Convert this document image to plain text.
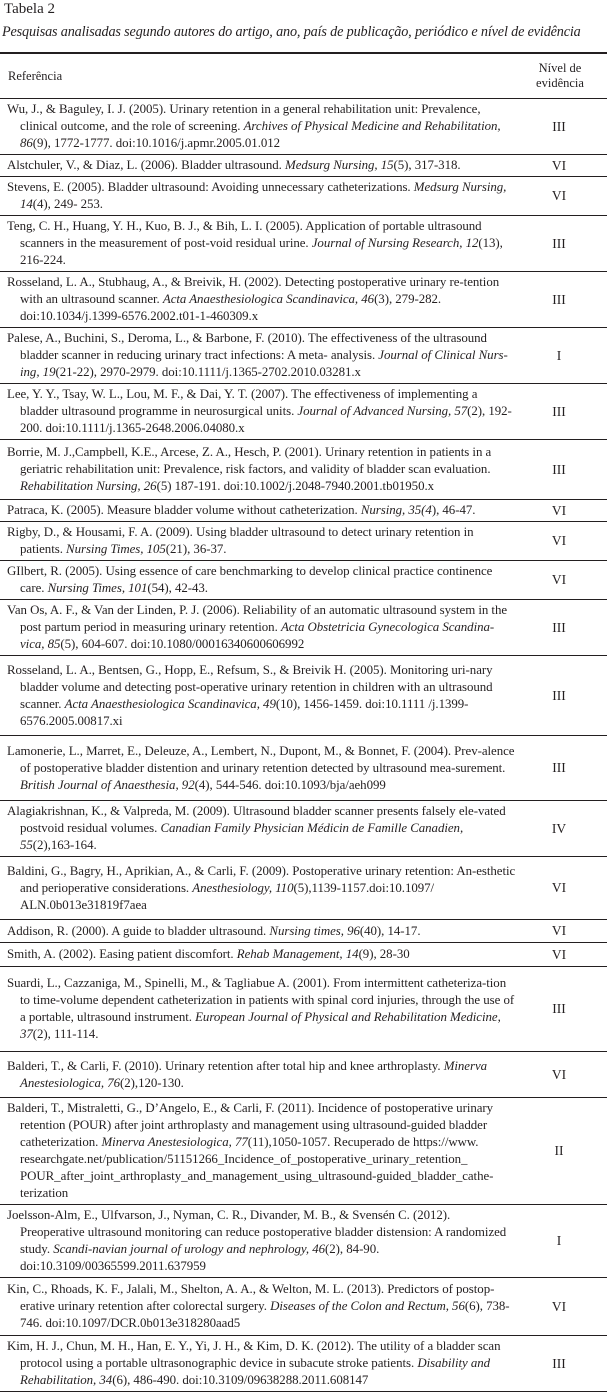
Tabela 2
Pesquisas analisadas segundo autores do artigo, ano, país de publicação, periódico e nível de evidência
Referência	Nível de
evidência
Wu, J., & Baguley, I. J. (2005). Urinary retention in a general rehabilitation unit: Prevalence, clinical outcome, and the role of screening. Archives of Physical Medicine and Rehabilitation, 86(9), 1772-1777. doi:10.1016/j.apmr.2005.01.012	III
Alstchuler, V., & Diaz, L. (2006). Bladder ultrasound. Medsurg Nursing, 15(5), 317-318.	VI
Stevens, E. (2005). Bladder ultrasound: Avoiding unnecessary catheterizations. Medsurg Nursing, 14(4), 249- 253.	VI
Teng, C. H., Huang, Y. H., Kuo, B. J., & Bih, L. I. (2005). Application of portable ultrasound scanners in the measurement of post-void residual urine. Journal of Nursing Research, 12(13), 216-224.	III
Rosseland, L. A., Stubhaug, A., & Breivik, H. (2002). Detecting postoperative urinary re-tention with an ultrasound scanner. Acta Anaesthesiologica Scandinavica, 46(3), 279-282. doi:10.1034/j.1399-6576.2002.t01-1-460309.x	III
Palese, A., Buchini, S., Deroma, L., & Barbone, F. (2010). The effectiveness of the ultrasound bladder scanner in reducing urinary tract infections: A meta- analysis. Journal of Clinical Nurs-ing, 19(21-22), 2970-2979. doi:10.1111/j.1365-2702.2010.03281.x	I
Lee, Y. Y., Tsay, W. L., Lou, M. F., & Dai, Y. T. (2007). The effectiveness of implementing a bladder ultrasound programme in neurosurgical units. Journal of Advanced Nursing, 57(2), 192-200. doi:10.1111/j.1365-2648.2006.04080.x	III
Borrie, M. J.,Campbell, K.E., Arcese, Z. A., Hesch, P. (2001). Urinary retention in patients in a geriatric rehabilitation unit: Prevalence, risk factors, and validity of bladder scan evaluation. Rehabilitation Nursing, 26(5) 187-191. doi:10.1002/j.2048-7940.2001.tb01950.x	III
Patraca, K. (2005). Measure bladder volume without catheterization. Nursing, 35(4), 46-47.	VI
Rigby, D., & Housami, F. A. (2009). Using bladder ultrasound to detect urinary retention in patients. Nursing Times, 105(21), 36-37.	VI
GIlbert, R. (2005). Using essence of care benchmarking to develop clinical practice continence care. Nursing Times, 101(54), 42-43.	VI
Van Os, A. F., & Van der Linden, P. J. (2006). Reliability of an automatic ultrasound system in the post partum period in measuring urinary retention. Acta Obstetricia Gynecologica Scandina-vica, 85(5), 604-607. doi:10.1080/00016340600606992	III
Rosseland, L. A., Bentsen, G., Hopp, E., Refsum, S., & Breivik H. (2005). Monitoring uri-nary bladder volume and detecting post-operative urinary retention in children with an ultrasound scanner. Acta Anaesthesiologica Scandinavica, 49(10), 1456-1459. doi:10.1111 /j.1399-6576.2005.00817.xi	III
Lamonerie, L., Marret, E., Deleuze, A., Lembert, N., Dupont, M., & Bonnet, F. (2004). Prev-alence of postoperative bladder distention and urinary retention detected by ultrasound mea-surement. British Journal of Anaesthesia, 92(4), 544-546. doi:10.1093/bja/aeh099	III
Alagiakrishnan, K., & Valpreda, M. (2009). Ultrasound bladder scanner presents falsely ele-vated postvoid residual volumes. Canadian Family Physician Médicin de Famille Canadien, 55(2),163-164.	IV
Baldini, G., Bagry, H., Aprikian, A., & Carli, F. (2009). Postoperative urinary retention: An-esthetic and perioperative considerations. Anesthesiology, 110(5),1139-1157.doi:10.1097/ ALN.0b013e31819f7aea	VI
Addison, R. (2000). A guide to bladder ultrasound. Nursing times, 96(40), 14-17.	VI
Smith, A. (2002). Easing patient discomfort. Rehab Management, 14(9), 28-30	VI
Suardi, L., Cazzaniga, M., Spinelli, M., & Tagliabue A. (2001). From intermittent catheteriza-tion to time-volume dependent catheterization in patients with spinal cord injuries, through the use of a portable, ultrasound instrument. European Journal of Physical and Rehabilitation Medicine, 37(2), 111-114.	III
Balderi, T., & Carli, F. (2010). Urinary retention after total hip and knee arthroplasty. Minerva Anestesiologica, 76(2),120-130.	VI
Balderi, T., Mistraletti, G., D’Angelo, E., & Carli, F. (2011). Incidence of postoperative urinary retention (POUR) after joint arthroplasty and management using ultrasound-guided bladder catheterization. Minerva Anestesiologica, 77(11),1050-1057. Recuperado de https://www. researchgate.net/publication/51151266_Incidence_of_postoperative_urinary_retention_ POUR_after_joint_arthroplasty_and_management_using_ultrasound-guided_bladder_cathe-terization	II
Joelsson-Alm, E., Ulfvarson, J., Nyman, C. R., Divander, M. B., & Svensén C. (2012). Preoperative ultrasound monitoring can reduce postoperative bladder distension: A randomized study. Scandi-navian journal of urology and nephrology, 46(2), 84-90. doi:10.3109/00365599.2011.637959	I
Kin, C., Rhoads, K. F., Jalali, M., Shelton, A. A., & Welton, M. L. (2013). Predictors of postop-erative urinary retention after colorectal surgery. Diseases of the Colon and Rectum, 56(6), 738-746. doi:10.1097/DCR.0b013e318280aad5	VI
Kim, H. J., Chun, M. H., Han, E. Y., Yi, J. H., & Kim, D. K. (2012). The utility of a bladder scan protocol using a portable ultrasonographic device in subacute stroke patients. Disability and Rehabilitation, 34(6), 486-490. doi:10.3109/09638288.2011.608147	III
